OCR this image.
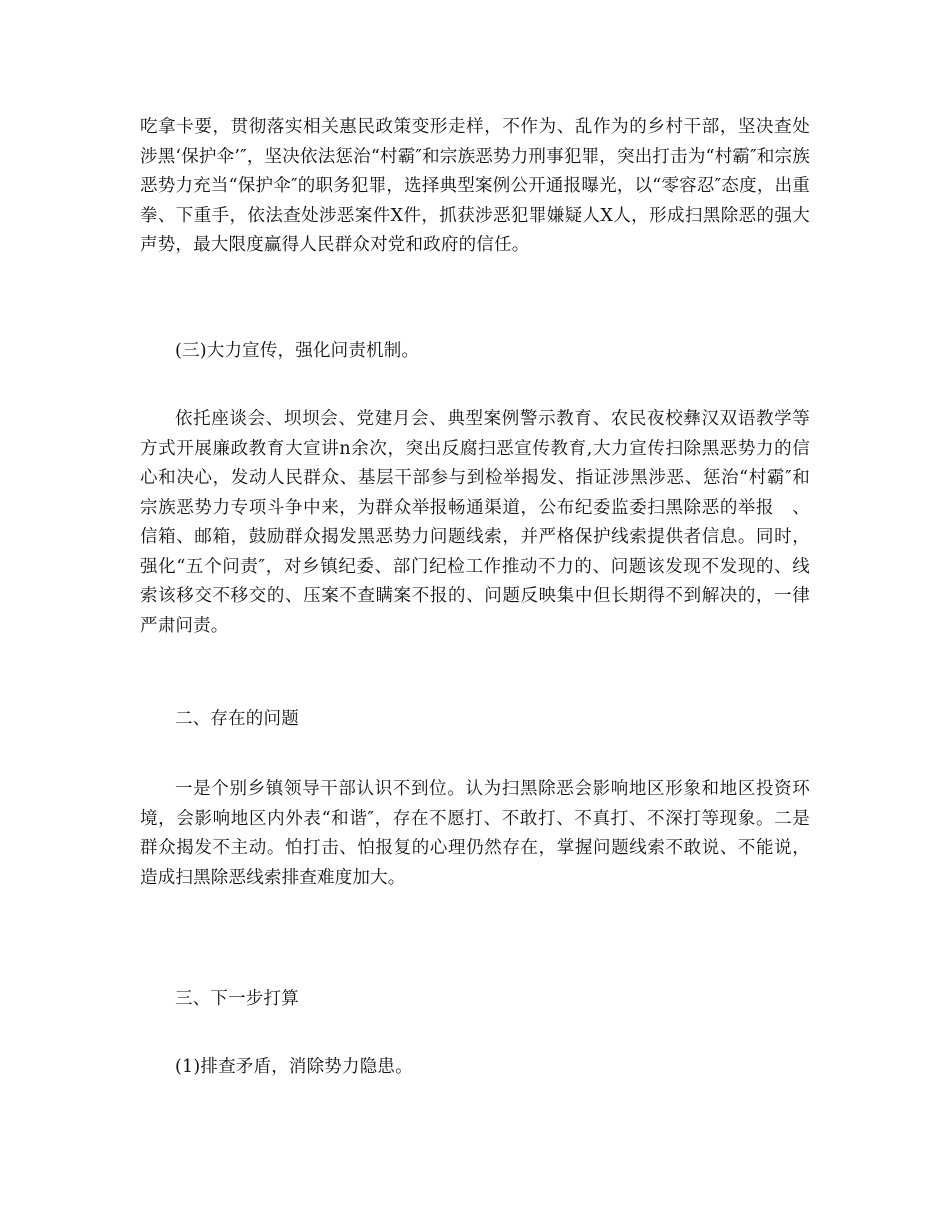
吃拿卡要，贯彻落实相关惠民政策变形走样，不作为、乱作为的乡村干部，坚决查处涉黑‘保护伞’″，坚决依法惩治“村霸″和宗族恶势力刑事犯罪，突出打击为“村霸″和宗族恶势力充当“保护伞″的职务犯罪，选择典型案例公开通报曝光，以“零容忍″态度，出重拳、下重手，依法查处涉恶案件X件，抓获涉恶犯罪嫌疑人X人，形成扫黑除恶的强大声势，最大限度赢得人民群众对党和政府的信任。

(三)大力宣传，强化问责机制。

依托座谈会、坝坝会、党建月会、典型案例警示教育、农民夜校彝汉双语教学等方式开展廉政教育大宣讲n余次，突出反腐扫恶宣传教育,大力宣传扫除黑恶势力的信心和决心，发动人民群众、基层干部参与到检举揭发、指证涉黑涉恶、惩治“村霸″和宗族恶势力专项斗争中来，为群众举报畅通渠道，公布纪委监委扫黑除恶的举报　、信箱、邮箱，鼓励群众揭发黑恶势力问题线索，并严格保护线索提供者信息。同时，强化“五个问责″，对乡镇纪委、部门纪检工作推动不力的、问题该发现不发现的、线索该移交不移交的、压案不查瞒案不报的、问题反映集中但长期得不到解决的，一律严肃问责。

二、存在的问题

一是个别乡镇领导干部认识不到位。认为扫黑除恶会影响地区形象和地区投资环境，会影响地区内外表“和谐″，存在不愿打、不敢打、不真打、不深打等现象。二是群众揭发不主动。怕打击、怕报复的心理仍然存在，掌握问题线索不敢说、不能说，造成扫黑除恶线索排查难度加大。

三、下一步打算

(1)排查矛盾，消除势力隐患。
